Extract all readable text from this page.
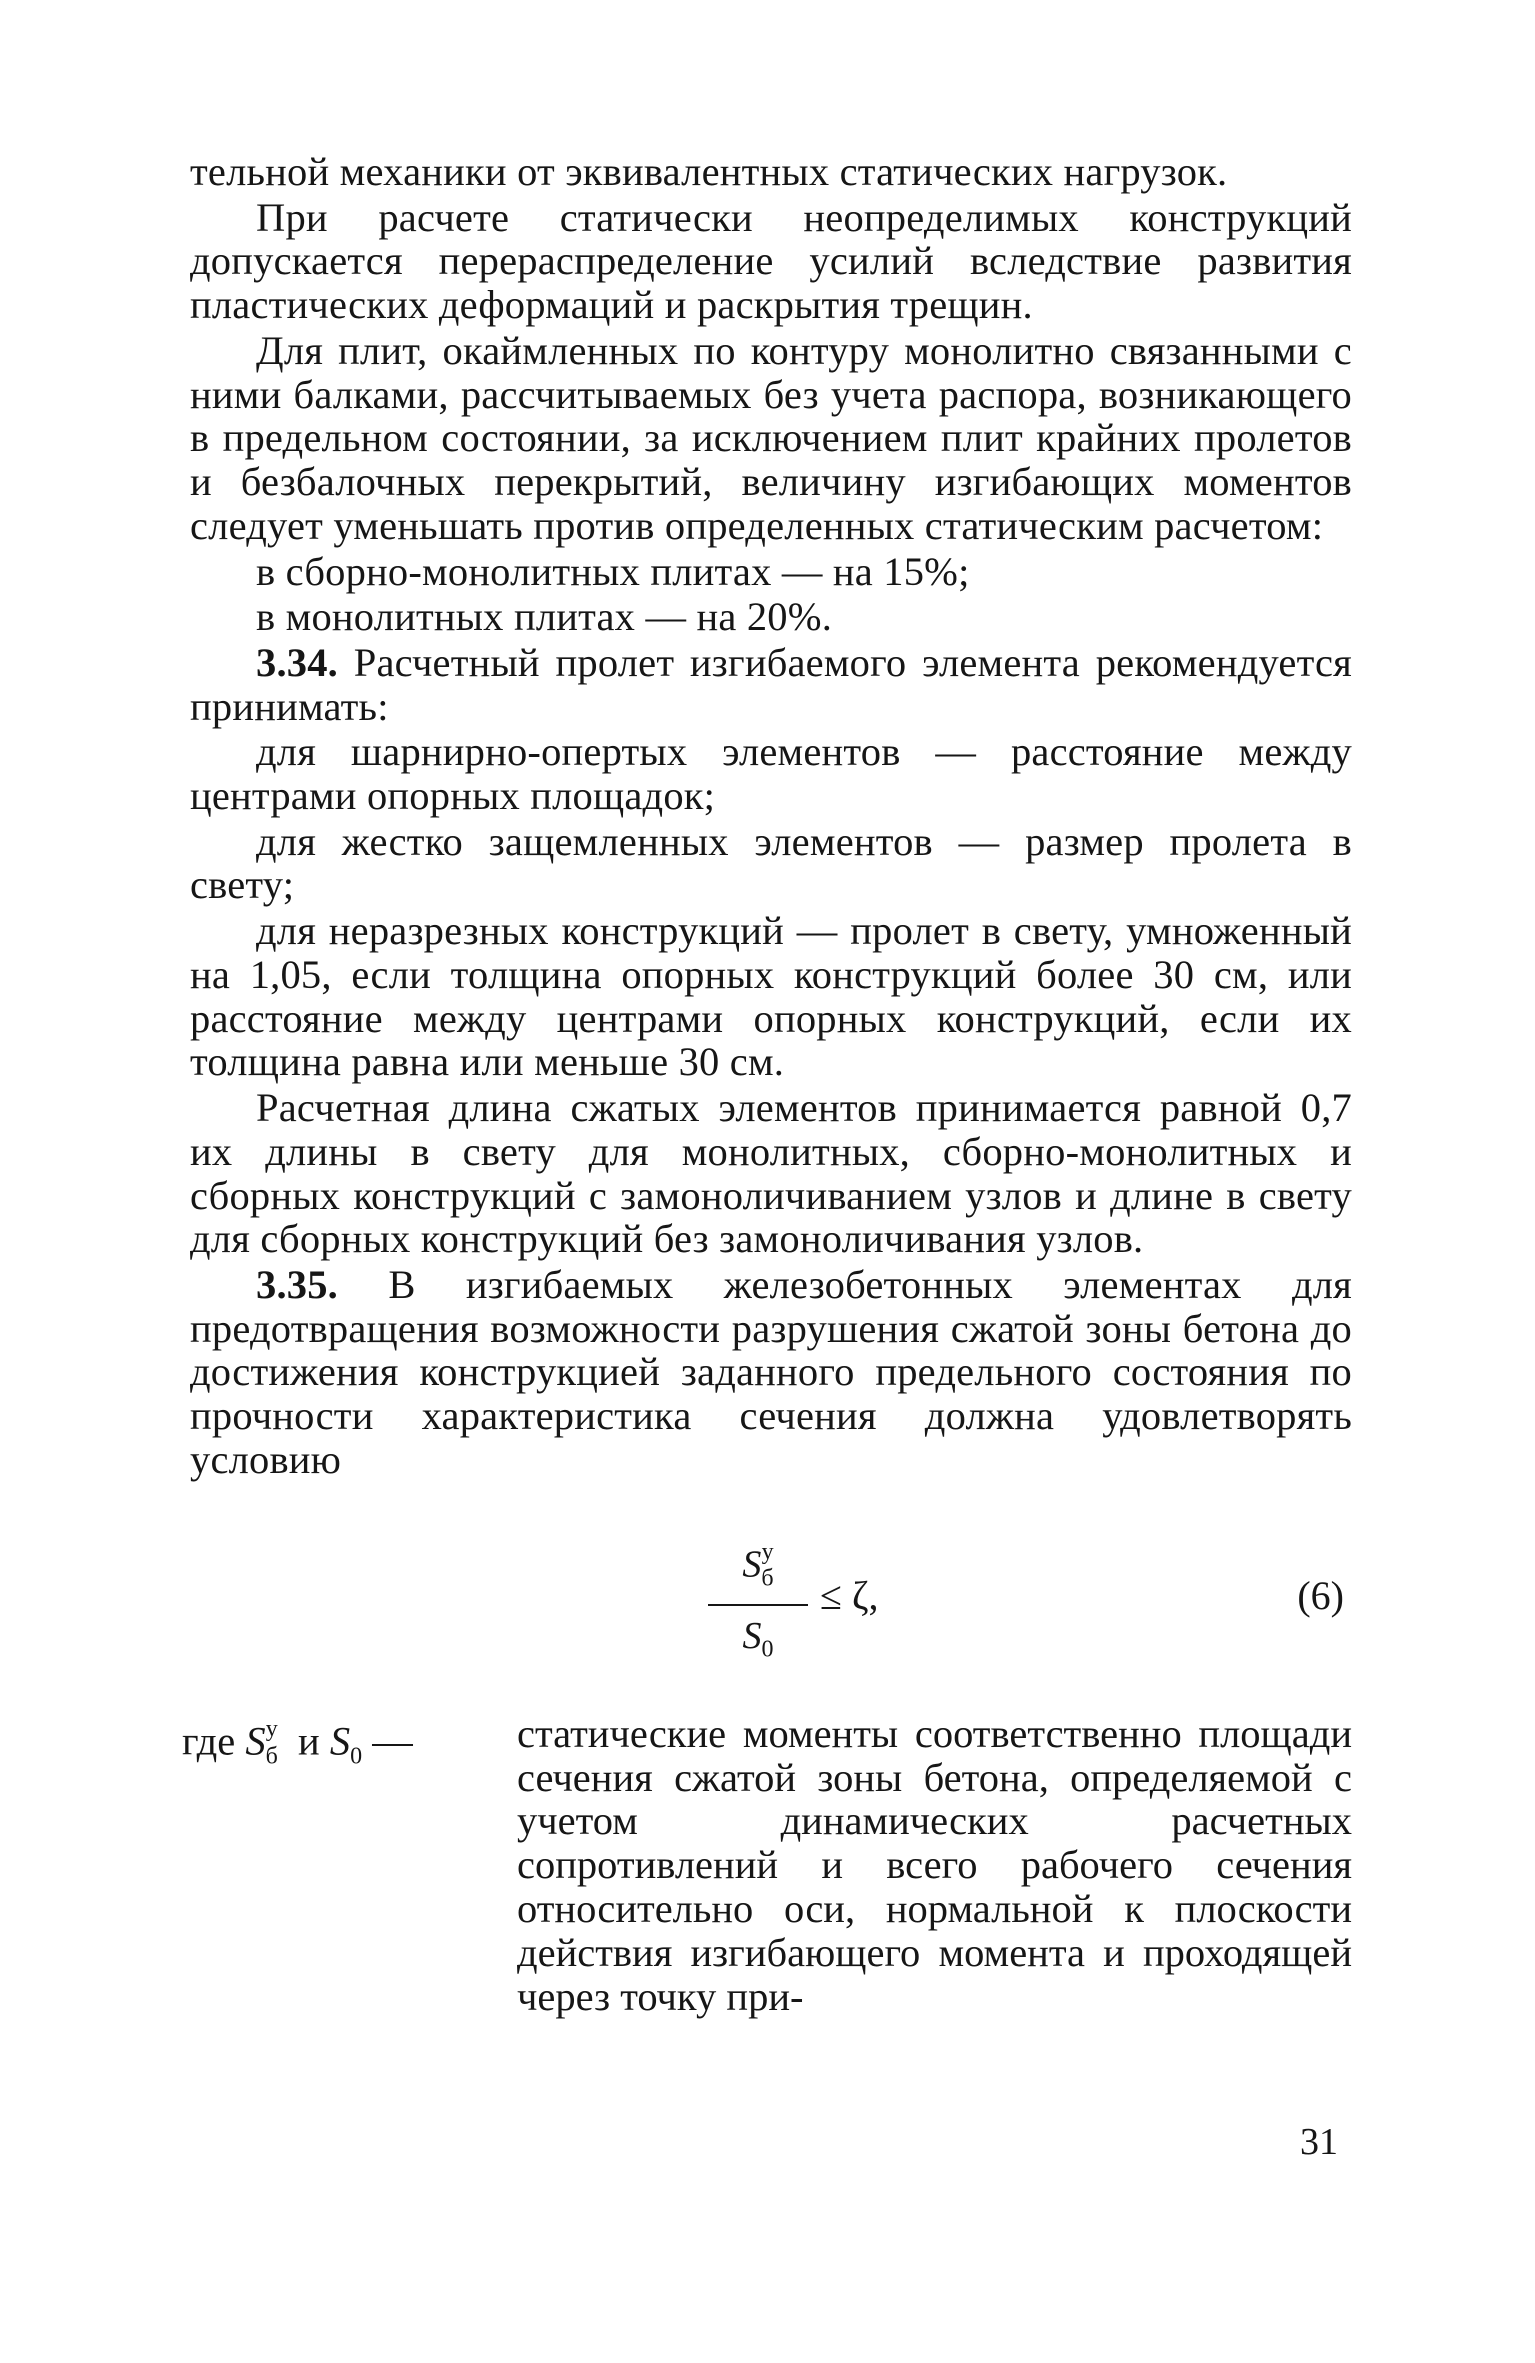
тельной механики от эквивалентных статических нагрузок.

При расчете статически неопределимых конструкций допускается перераспределение усилий вследствие развития пластических деформаций и раскрытия трещин.

Для плит, окаймленных по контуру монолитно связанными с ними балками, рассчитываемых без учета распора, возникающего в предельном состоянии, за исключением плит крайних пролетов и безбалочных перекрытий, величину изгибающих моментов следует уменьшать против определенных статическим расчетом:

в сборно-монолитных плитах — на 15%;

в монолитных плитах — на 20%.

3.34. Расчетный пролет изгибаемого элемента рекомендуется принимать:

для шарнирно-опертых элементов — расстояние между центрами опорных площадок;

для жестко защемленных элементов — размер пролета в свету;

для неразрезных конструкций — пролет в свету, умноженный на 1,05, если толщина опорных конструкций более 30 см, или расстояние между центрами опорных конструкций, если их толщина равна или меньше 30 см.

Расчетная длина сжатых элементов принимается равной 0,7 их длины в свету для монолитных, сборно-монолитных и сборных конструкций с замоноличиванием узлов и длине в свету для сборных конструкций без замоноличивания узлов.

3.35. В изгибаемых железобетонных элементах для предотвращения возможности разрушения сжатой зоны бетона до достижения конструкцией заданного предельного состояния по прочности характеристика сечения должна удовлетворять условию

$S_б^у$
$S_0$
≤ ζ,	(6)
где $S_б^у$ и $S_0$ —	статические моменты соответственно площади сечения сжатой зоны бетона, определяемой с учетом динамических расчетных сопротивлений и всего рабочего сечения относительно оси, нормальной к плоскости действия изгибающего момента и проходящей через точку при-
31
